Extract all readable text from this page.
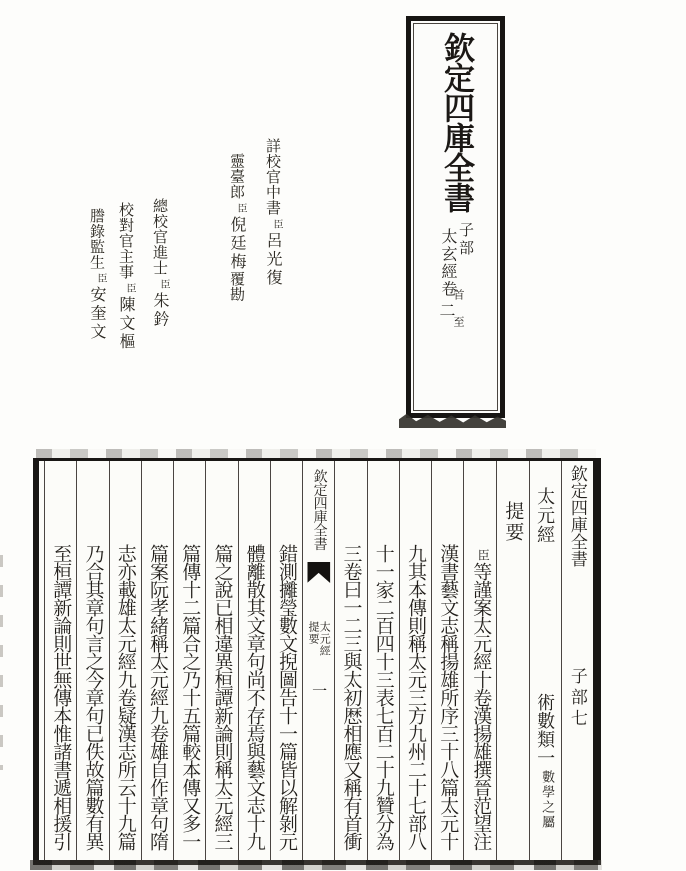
欽定四庫全書
子部
太玄經卷
首至
二
詳校官中書臣呂光復
靈臺郎臣倪廷梅覆勘
總校官進士臣朱鈐
校對官主事臣陳文樞
謄錄監生臣安奎文
欽定四庫全書
子部七
太元經
術數類一數學之屬
提要
臣等謹案太元經十卷漢揚雄撰晉范望注
漢書藝文志稱揚雄所序三十八篇太元十
九其本傳則稱太元三方九州二十七部八
十一家二百四十三表七百二十九贊分為
三卷曰一二三與太初厯相應又稱有首衝
欽定四庫全書
太元經
提要
一
錯測攡瑩數文掜圖告十一篇皆以解剝元
體離散其文章句尚不存焉與藝文志十九
篇之說已相違異桓譚新論則稱太元經三
篇傳十二篇合之乃十五篇較本傳又多一
篇案阮孝緒稱太元經九卷雄自作章句隋
志亦載雄太元經九卷疑漢志所云十九篇
乃合其章句言之今章句已佚故篇數有異
至桓譚新論則世無傳本惟諸書遞相援引
